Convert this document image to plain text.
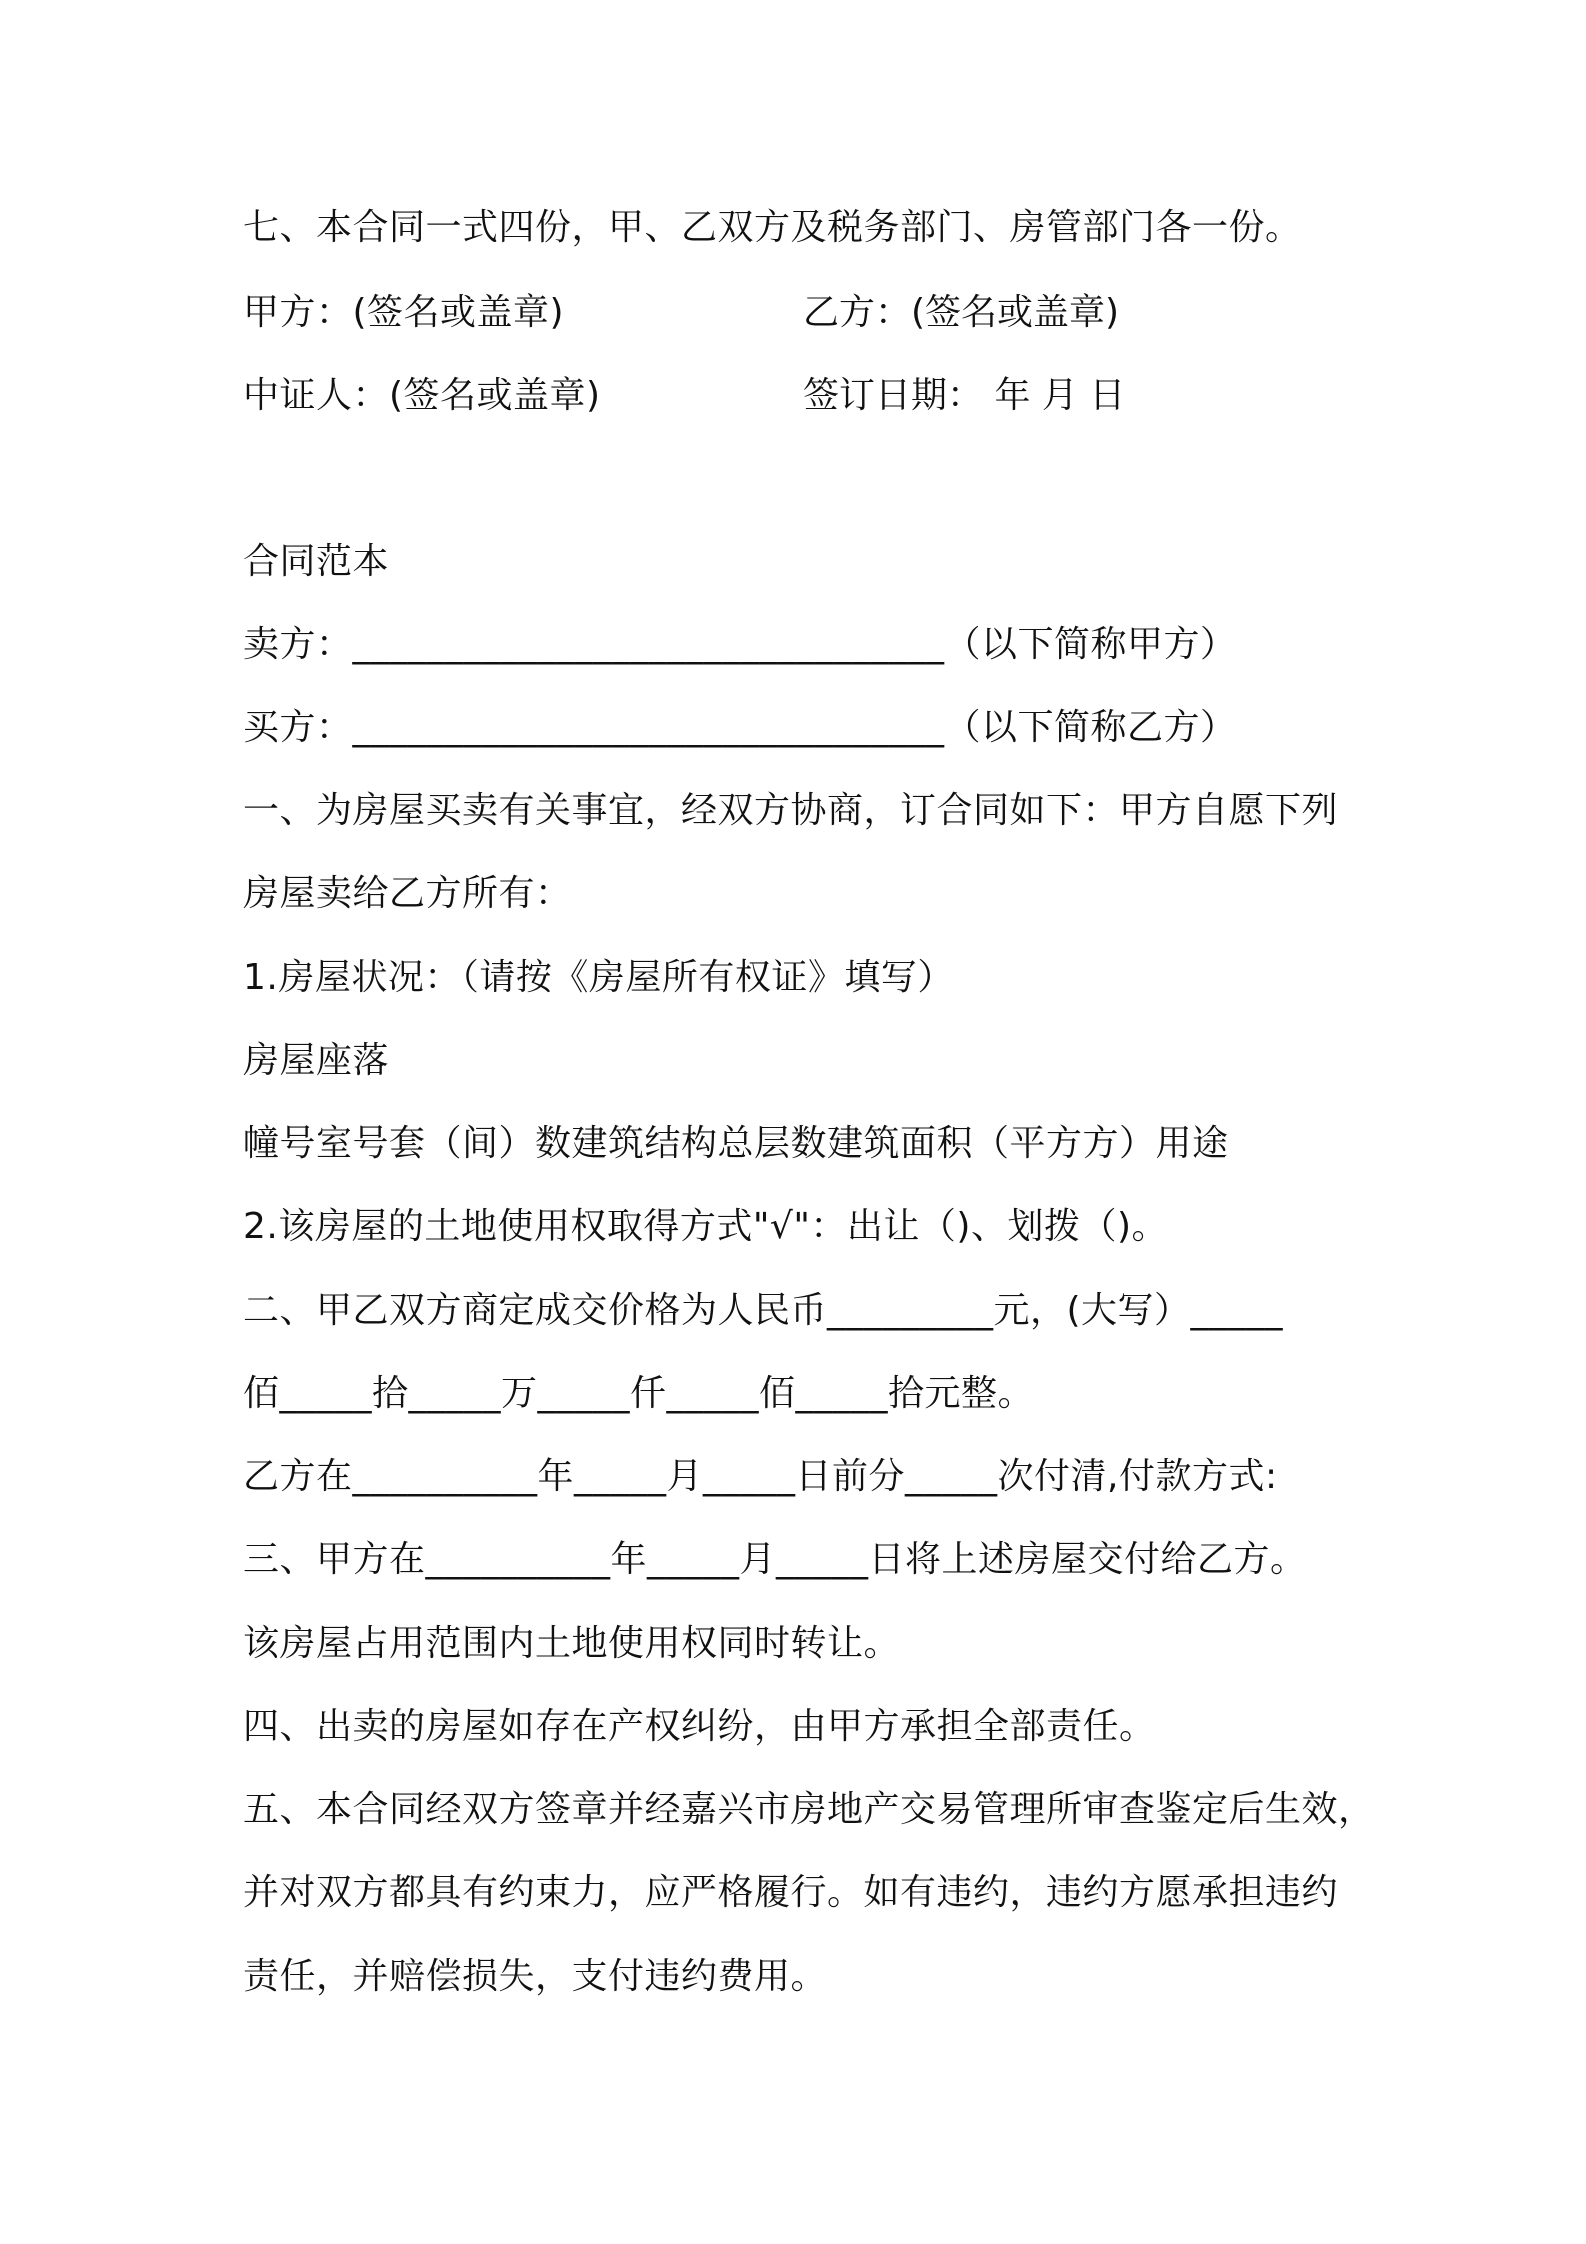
七、本合同一式四份，甲、乙双方及税务部门、房管部门各一份。
甲方：(签名或盖章)	乙方：(签名或盖章)
中证人：(签名或盖章)	签订日期： 年 月 日
合同范本
卖方：________________________________（以下简称甲方）
买方：________________________________（以下简称乙方）
一、为房屋买卖有关事宜，经双方协商，订合同如下：甲方自愿下列
房屋卖给乙方所有：
1.房屋状况：（请按《房屋所有权证》填写）
房屋座落
幢号室号套（间）数建筑结构总层数建筑面积（平方方）用途
2.该房屋的土地使用权取得方式"√"：出让（)、划拨（)。
二、甲乙双方商定成交价格为人民币_________元，(大写）_____
佰_____拾_____万_____仟_____佰_____拾元整。
乙方在__________年_____月_____日前分_____次付清,付款方式:
三、甲方在__________年_____月_____日将上述房屋交付给乙方。
该房屋占用范围内土地使用权同时转让。
四、出卖的房屋如存在产权纠纷，由甲方承担全部责任。
五、本合同经双方签章并经嘉兴市房地产交易管理所审查鉴定后生效，
并对双方都具有约束力，应严格履行。如有违约，违约方愿承担违约
责任，并赔偿损失，支付违约费用。
